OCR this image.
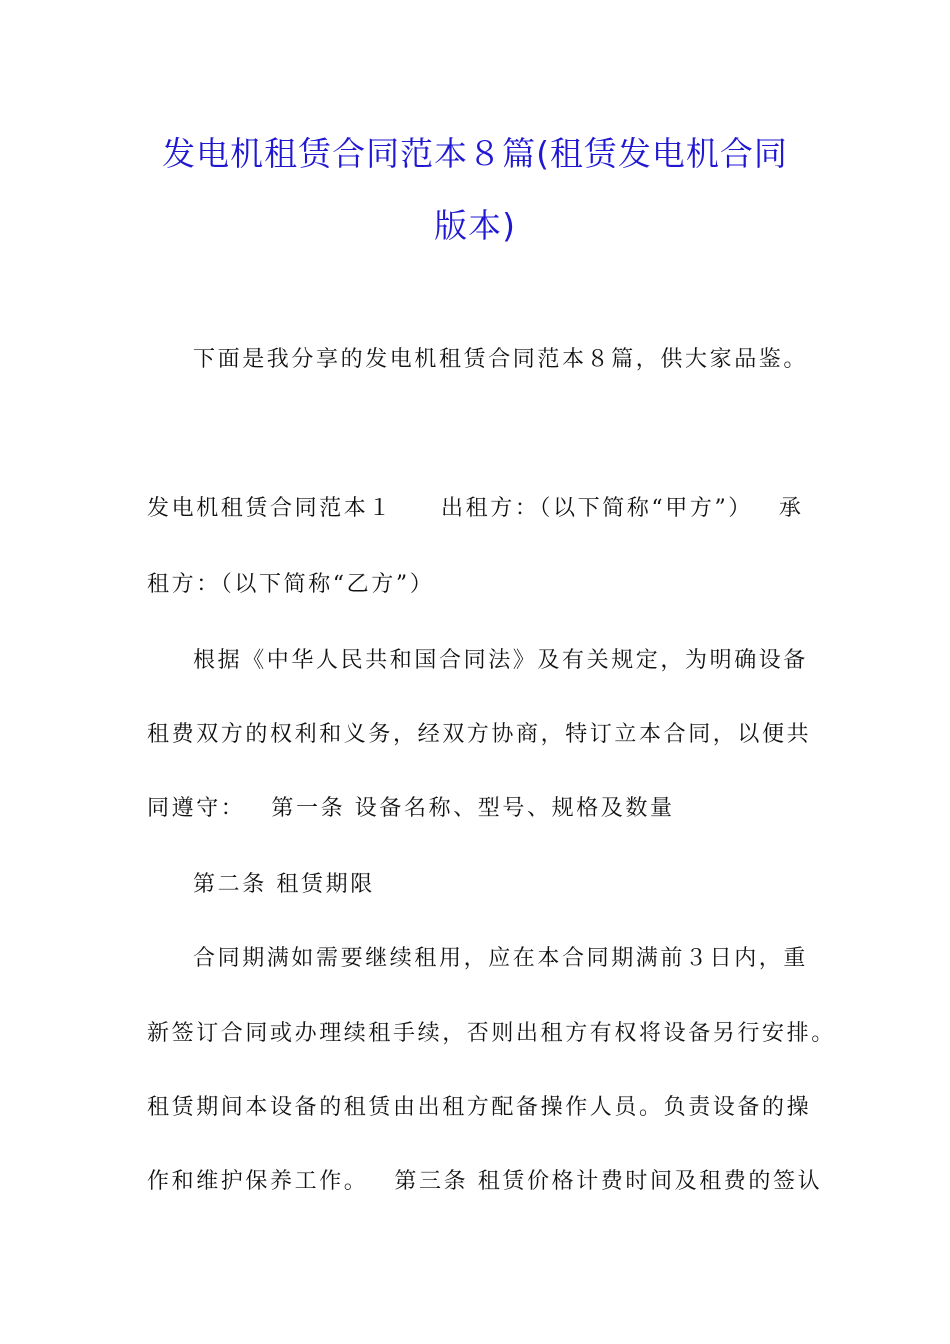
发电机租赁合同范本８篇(租赁发电机合同
版本)
下面是我分享的发电机租赁合同范本８篇，供大家品鉴。
发电机租赁合同范本１ 出租方：（以下简称“甲方”） 承
租方：（以下简称“乙方”）
根据《中华人民共和国合同法》及有关规定，为明确设备
租费双方的权利和义务，经双方协商，特订立本合同，以便共
同遵守： 第一条 设备名称、型号、规格及数量
第二条 租赁期限
合同期满如需要继续租用，应在本合同期满前３日内，重
新签订合同或办理续租手续，否则出租方有权将设备另行安排。
租赁期间本设备的租赁由出租方配备操作人员。负责设备的操
作和维护保养工作。 第三条 租赁价格计费时间及租费的签认
